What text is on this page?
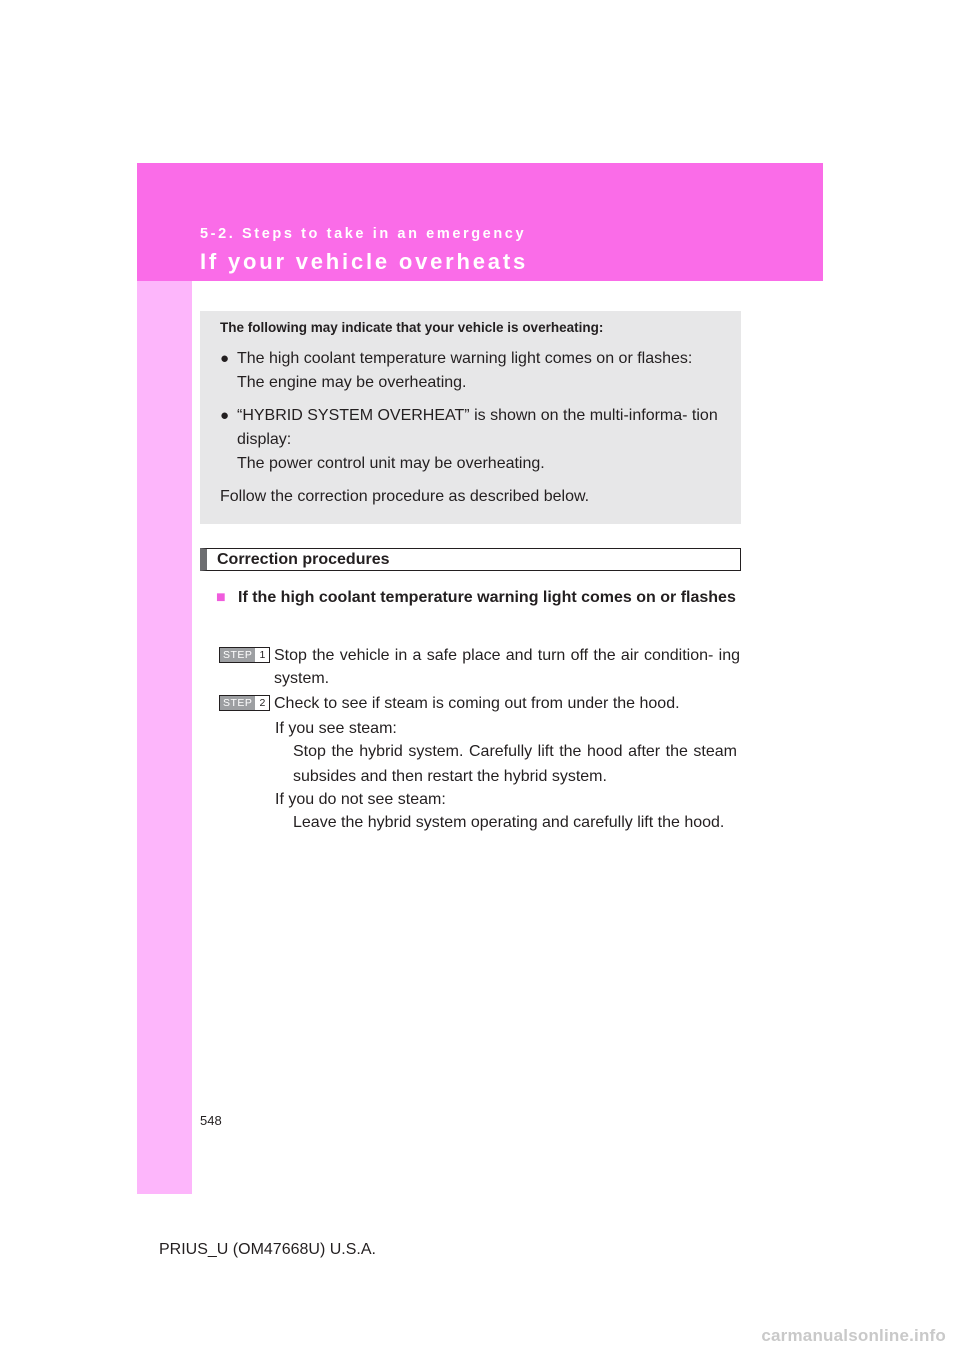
5-2. Steps to take in an emergency

If your vehicle overheats

The following may indicate that your vehicle is overheating:

● The high coolant temperature warning light comes on or flashes:
The engine may be overheating.
● “HYBRID SYSTEM OVERHEAT” is shown on the multi-informa- tion display:
The power control unit may be overheating.

Follow the correction procedure as described below.

Correction procedures
■ If the high coolant temperature warning light comes on or flashes
STEP 1 Stop the vehicle in a safe place and turn off the air condition- ing system.
STEP 2 Check to see if steam is coming out from under the hood.
If you see steam:
Stop the hybrid system. Carefully lift the hood after the steam subsides and then restart the hybrid system.
If you do not see steam:
Leave the hybrid system operating and carefully lift the hood.
548
PRIUS_U (OM47668U) U.S.A.
carmanualsonline.info
